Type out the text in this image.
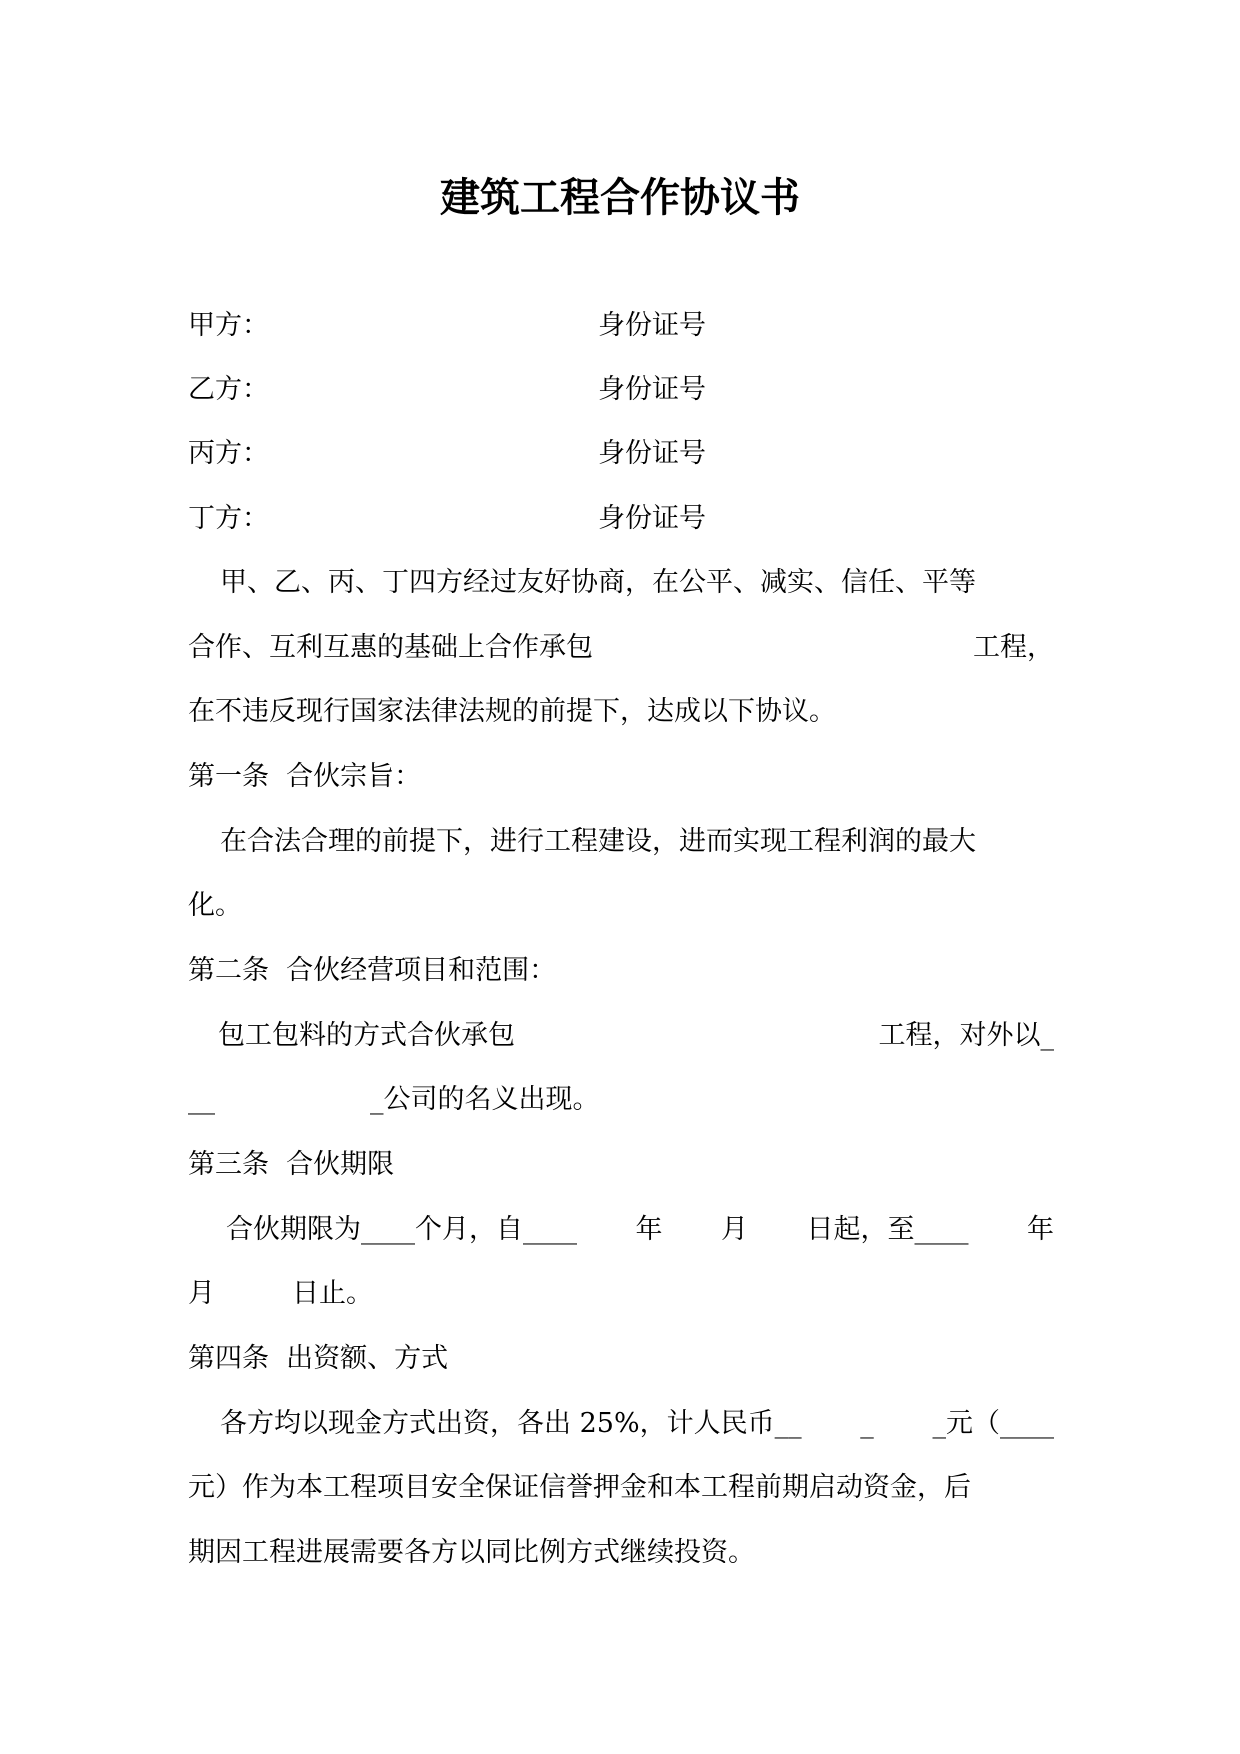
建筑工程合作协议书
甲方：	身份证号
乙方：	身份证号
丙方：	身份证号
丁方：	身份证号
甲、乙、丙、丁四方经过友好协商，在公平、减实、信任、平等
合作、互利互惠的基础上合作承包	工程，
在不违反现行国家法律法规的前提下，达成以下协议。
第一条  合伙宗旨：
在合法合理的前提下，进行工程建设，进而实现工程利润的最大
化。
第二条  合伙经营项目和范围：
包工包料的方式合伙承包	工程，对外以_
__	_公司的名义出现。
第三条  合伙期限
合伙期限为____个月，自____ 年 月 日起，至____ 年
月	日止。
第四条  出资额、方式
各方均以现金方式出资，各出 25%，计人民币__ _ _元（____
元）作为本工程项目安全保证信誉押金和本工程前期启动资金，后
期因工程进展需要各方以同比例方式继续投资。
